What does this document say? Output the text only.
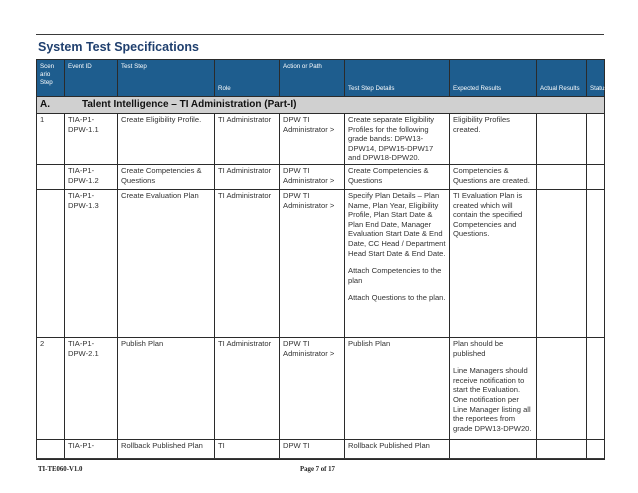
System Test Specifications
Scen ario Step	Event ID	Test Step	Role	Action or Path	Test Step Details	Expected Results	Actual Results	Status
A. Talent Intelligence – TI Administration (Part-I)								
1	TIA-P1-DPW-1.1	Create Eligibility Profile.	TI Administrator	DPW TI Administrator >	Create separate Eligibility Profiles for the following grade bands: DPW13-DPW14, DPW15-DPW17 and DPW18-DPW20.	Eligibility Profiles created.		

	TIA-P1-DPW-1.2	Create Competencies & Questions	TI Administrator	DPW TI Administrator >	Create Competencies & Questions	Competencies & Questions are created.		

	TIA-P1-DPW-1.3	Create Evaluation Plan	TI Administrator	DPW TI Administrator >	Specify Plan Details – Plan Name, Plan Year, Eligibility Profile, Plan Start Date & Plan End Date, Manager Evaluation Start Date & End Date, CC Head / Department Head Start Date & End Date.
Attach Competencies to the plan
Attach Questions to the plan.	TI Evaluation Plan is created which will contain the specified Competencies and Questions.		

2	TIA-P1-DPW-2.1	Publish Plan	TI Administrator	DPW TI Administrator >	Publish Plan	Plan should be published
Line Managers should receive notification to start the Evaluation. One notification per Line Manager listing all the reportees from grade DPW13-DPW20.		

	TIA-P1-	Rollback Published Plan	TI	DPW TI	Rollback Published Plan			

TI-TE060-V1.0	Page 7 of 17
